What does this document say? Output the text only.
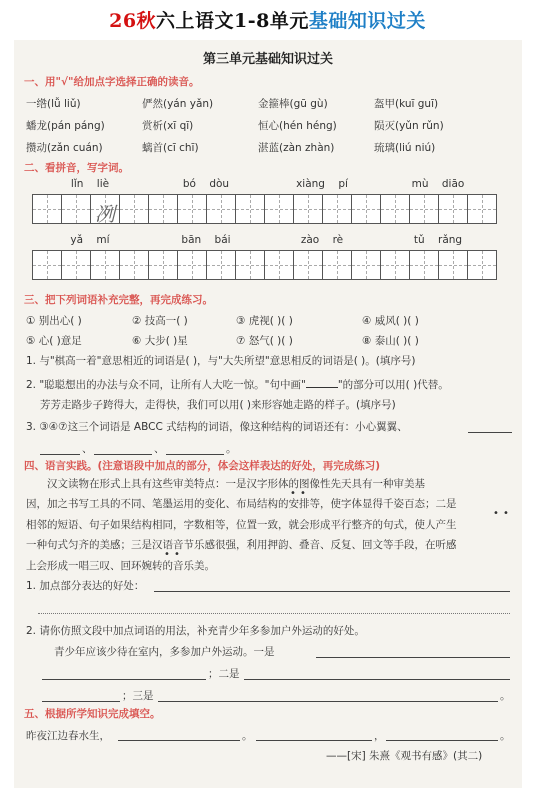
26秋六上语文1-8单元基础知识过关
第三单元基础知识过关
一、用"√"给加点字选择正确的读音。
一绺(lǚ liǔ)	俨然(yán yǎn)	金箍棒(gū gù)	盔甲(kuī guī)
蟠龙(pán páng)	赏析(xī qī)	恒心(hén héng)	陨灭(yǔn rǔn)
攒动(zǎn cuán)	螭首(cī chī)	湛蓝(zàn zhàn)	琉璃(liú niú)
二、看拼音，写字词。
lǐn liè
冽
bó dòu	xiàng pí	mù diāo
yǎ mí	bān bái	zào rè	tǔ rǎng
三、把下列词语补充完整，再完成练习。
① 别出心( )	② 技高一( )	③ 虎视( )( )	④ 威风( )( )
⑤ 心( )意足	⑥ 大步( )星	⑦ 怒气( )( )	⑧ 泰山( )( )
1. 与"棋高一着"意思相近的词语是( )，与"大失所望"意思相反的词语是( )。(填序号)
2. "聪聪想出的办法与众不同，让所有人大吃一惊。"句中画"	"的部分可以用( )代替。
芳芳走路步子跨得大，走得快，我们可以用( )来形容她走路的样子。(填序号)
3. ③④⑦这三个词语是 ABCC 式结构的词语，像这种结构的词语还有：小心翼翼、
、	、	。
四、语言实践。(注意语段中加点的部分，体会这样表达的好处，再完成练习)
汉文读物在形式上具有这些审美特点：一是汉字形体的图像性先天具有一种审美基
因，加之书写工具的不同、笔墨运用的变化、布局结构的安排等，使字体显得千姿百态；二是
相邻的短语、句子如果结构相同，字数相等，位置一致，就会形成平行整齐的句式，使人产生
一种句式匀齐的美感；三是汉语音节乐感很强，利用押韵、叠音、反复、回文等手段，在听感
上会形成一唱三叹、回环婉转的音乐美。
• •
• •
• •
1. 加点部分表达的好处：
2. 请你仿照文段中加点词语的用法，补充青少年多参加户外运动的好处。
青少年应该少待在室内，多参加户外运动。一是
；二是
；三是	。
五、根据所学知识完成填空。
昨夜江边春水生，	。	，	。
——[宋] 朱熹《观书有感》(其二)
